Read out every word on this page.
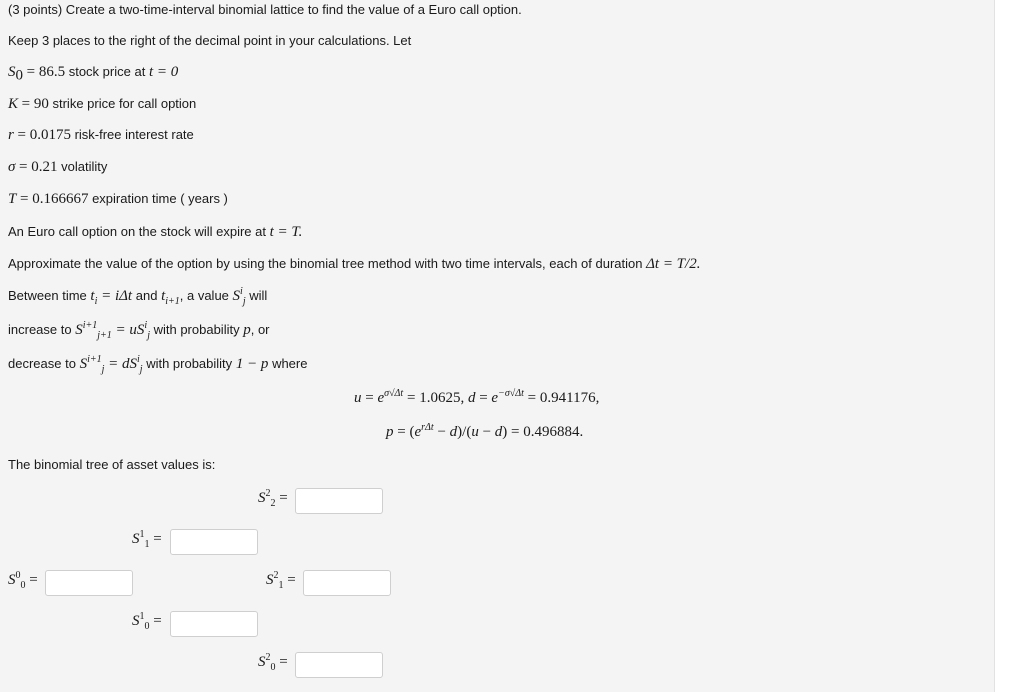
(3 points) Create a two-time-interval binomial lattice to find the value of a Euro call option.
Keep 3 places to the right of the decimal point in your calculations. Let
$S_0 = 86.5$ stock price at t = 0
K = 90 strike price for call option
r = 0.0175 risk-free interest rate
σ = 0.21 volatility
T = 0.166667 expiration time ( years )
An Euro call option on the stock will expire at t = T.
Approximate the value of the option by using the binomial tree method with two time intervals, each of duration Δt = T/2.
Between time $t_i = i\Delta t$ and $t_{i+1}$, a value $S^i_j$ will
increase to $S^{i+1}_{j+1} = uS^i_j$ with probability p, or
decrease to $S^{i+1}_j = dS^i_j$ with probability 1 − p where
$u = e^{\sigma√\Delta t} = 1.0625$, $d = e^{-\sigma√\Delta t} = 0.941176$,
$p = (e^{r\Delta t} - d)/(u - d) = 0.496884$.
The binomial tree of asset values is:
$S^2_2$ =
$S^1_1$ =
$S^0_0$ =	$S^2_1$ =
$S^1_0$ =
$S^2_0$ =
